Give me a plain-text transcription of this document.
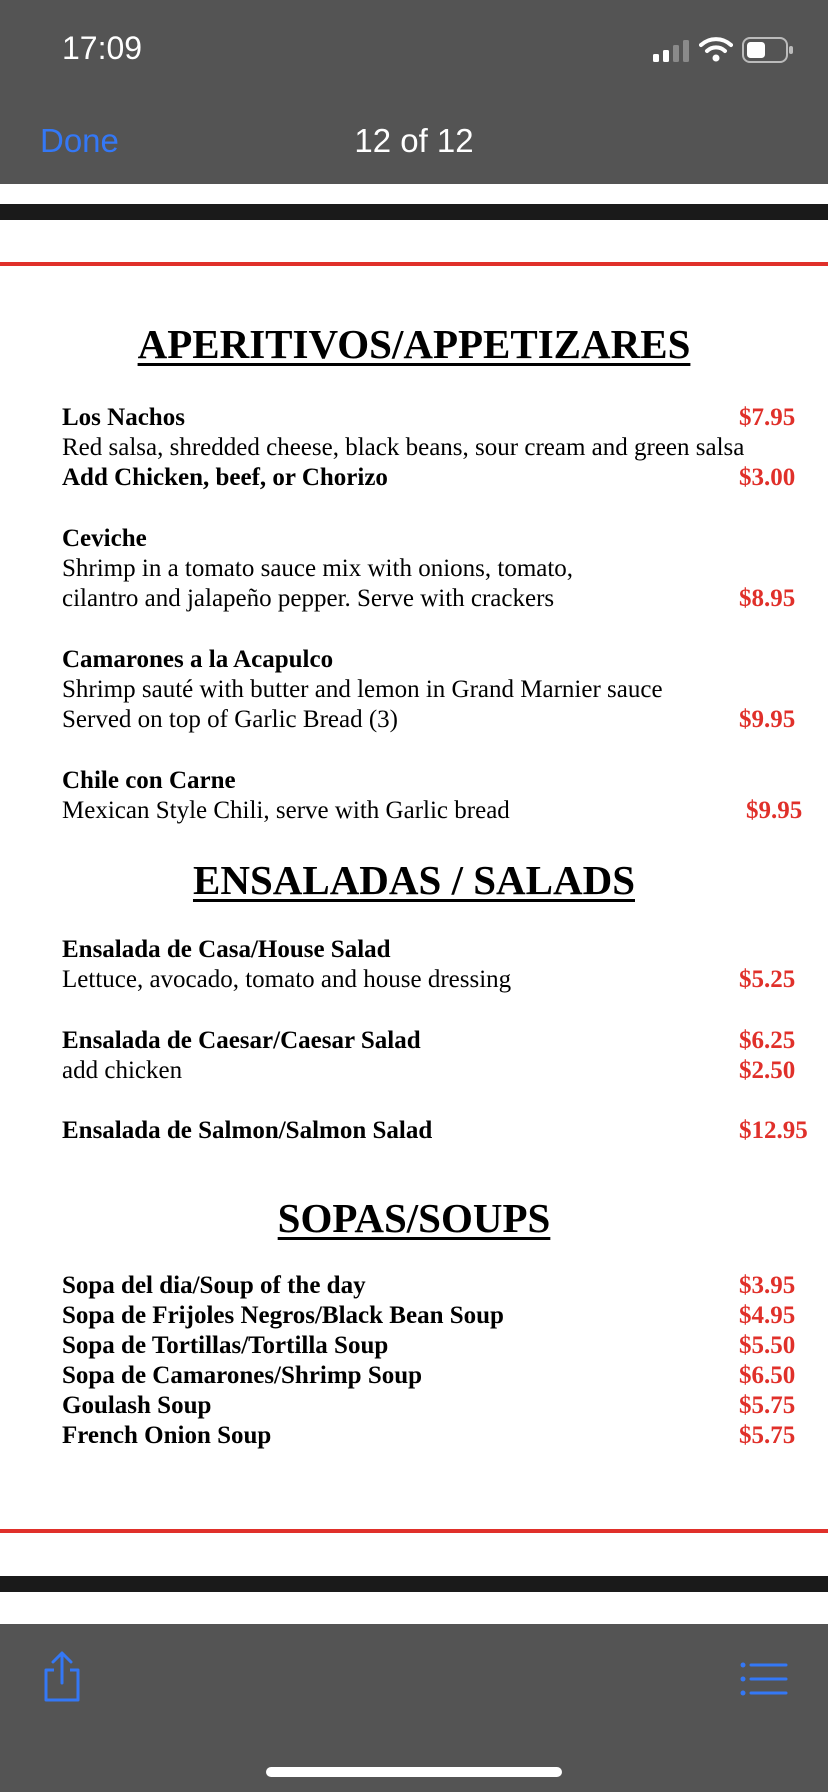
17:09
Done	12 of 12
APERITIVOS/APPETIZARES
Los Nachos	$7.95
Red salsa, shredded cheese, black beans, sour cream and green salsa
Add Chicken, beef, or Chorizo	$3.00
Ceviche
Shrimp in a tomato sauce mix with onions, tomato,
cilantro and jalapeño pepper. Serve with crackers	$8.95
Camarones a la Acapulco
Shrimp sauté with butter and lemon in Grand Marnier sauce
Served on top of Garlic Bread (3)	$9.95
Chile con Carne
Mexican Style Chili, serve with Garlic bread	$9.95
ENSALADAS / SALADS
Ensalada de Casa/House Salad
Lettuce, avocado, tomato and house dressing	$5.25
Ensalada de Caesar/Caesar Salad	$6.25
add chicken	$2.50
Ensalada de Salmon/Salmon Salad	$12.95
SOPAS/SOUPS
Sopa del dia/Soup of the day	$3.95
Sopa de Frijoles Negros/Black Bean Soup	$4.95
Sopa de Tortillas/Tortilla Soup	$5.50
Sopa de Camarones/Shrimp Soup	$6.50
Goulash Soup	$5.75
French Onion Soup	$5.75
